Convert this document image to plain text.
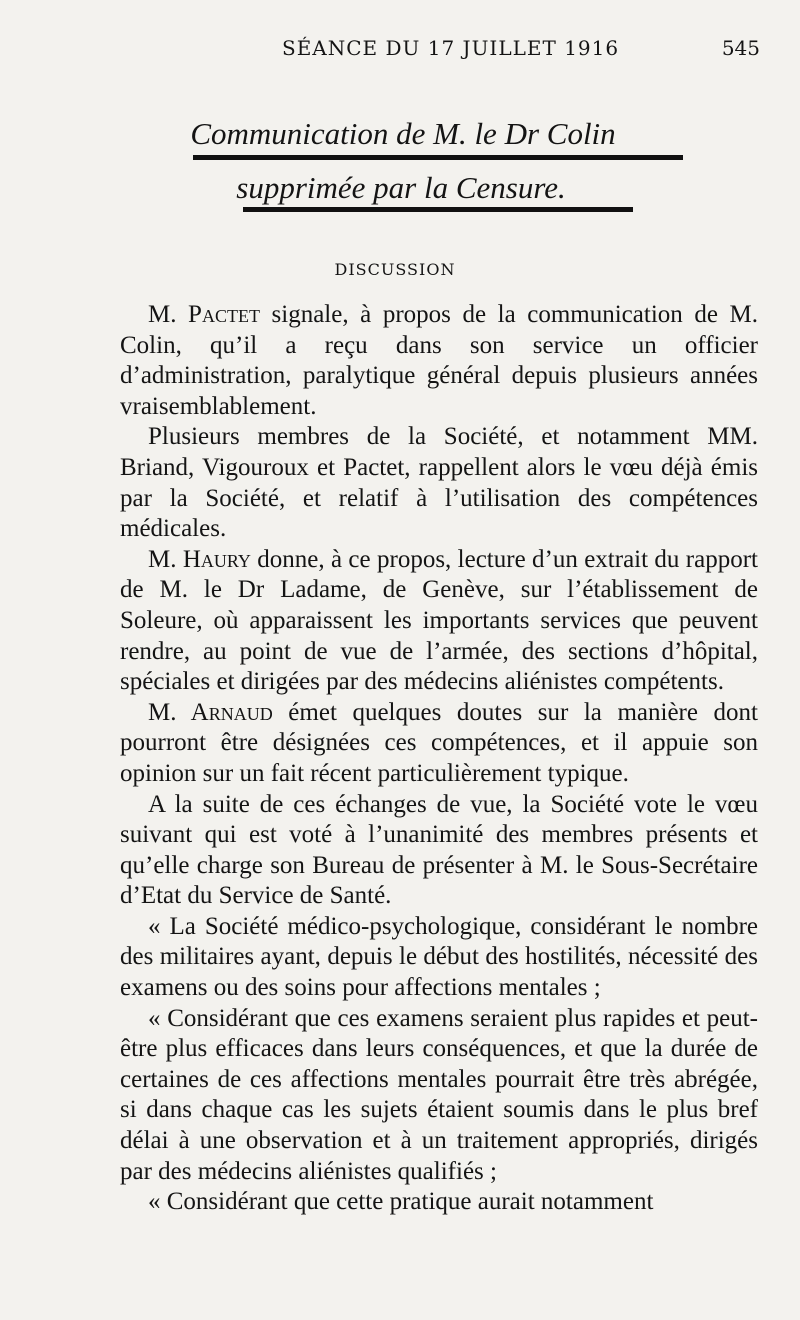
SÉANCE DU 17 JUILLET 1916	545
Communication de M. le Dr Colin
supprimée par la Censure.
DISCUSSION

M. Pactet signale, à propos de la communication de M. Colin, qu’il a reçu dans son service un officier d’administration, paralytique général depuis plusieurs années vraisemblablement.

Plusieurs membres de la Société, et notamment MM. Briand, Vigouroux et Pactet, rappellent alors le vœu déjà émis par la Société, et relatif à l’utilisation des compétences médicales.

M. Haury donne, à ce propos, lecture d’un extrait du rapport de M. le Dr Ladame, de Genève, sur l’établissement de Soleure, où apparaissent les importants services que peuvent rendre, au point de vue de l’armée, des sections d’hôpital, spéciales et dirigées par des médecins aliénistes compétents.

M. Arnaud émet quelques doutes sur la manière dont pourront être désignées ces compétences, et il appuie son opinion sur un fait récent particulièrement typique.

A la suite de ces échanges de vue, la Société vote le vœu suivant qui est voté à l’unanimité des membres présents et qu’elle charge son Bureau de présenter à M. le Sous-Secrétaire d’Etat du Service de Santé.

« La Société médico-psychologique, considérant le nombre des militaires ayant, depuis le début des hostilités, nécessité des examens ou des soins pour affections mentales ;

« Considérant que ces examens seraient plus rapides et peut-être plus efficaces dans leurs conséquences, et que la durée de certaines de ces affections mentales pourrait être très abrégée, si dans chaque cas les sujets étaient soumis dans le plus bref délai à une observation et à un traitement appropriés, dirigés par des médecins aliénistes qualifiés ;

« Considérant que cette pratique aurait notamment
